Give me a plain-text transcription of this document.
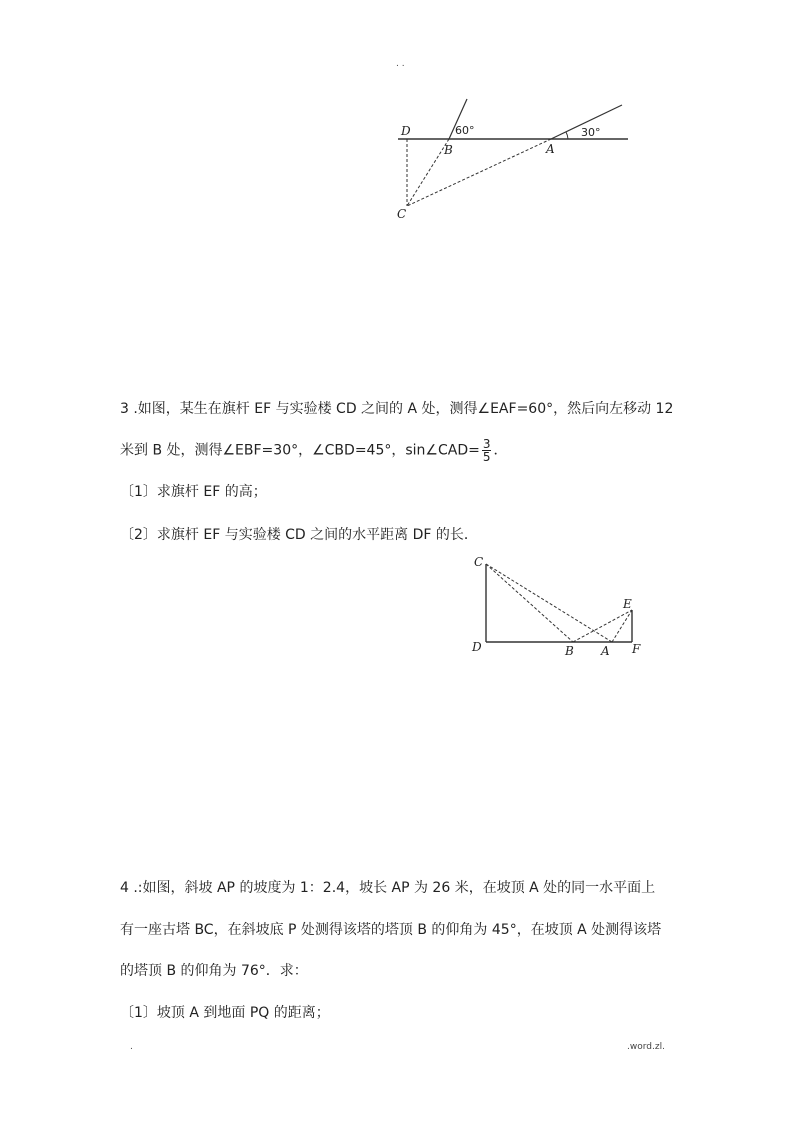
. .
D
B	A
C
60°	30°
3 .如图，某生在旗杆 EF 与实验楼 CD 之间的 A 处，测得∠EAF=60°，然后向左移动 12
米到 B 处，测得∠EBF=30°，∠CBD=45°，sin∠CAD= $\frac{3}{5}$ ．
〔1〕求旗杆 EF 的高；
〔2〕求旗杆 EF 与实验楼 CD 之间的水平距离 DF 的长．
C
E
D	B A F
4 .:如图，斜坡 AP 的坡度为 1：2.4，坡长 AP 为 26 米，在坡顶 A 处的同一水平面上
有一座古塔 BC，在斜坡底 P 处测得该塔的塔顶 B 的仰角为 45°，在坡顶 A 处测得该塔
的塔顶 B 的仰角为 76°．求：
〔1〕坡顶 A 到地面 PQ 的距离；
.	.word.zl.
